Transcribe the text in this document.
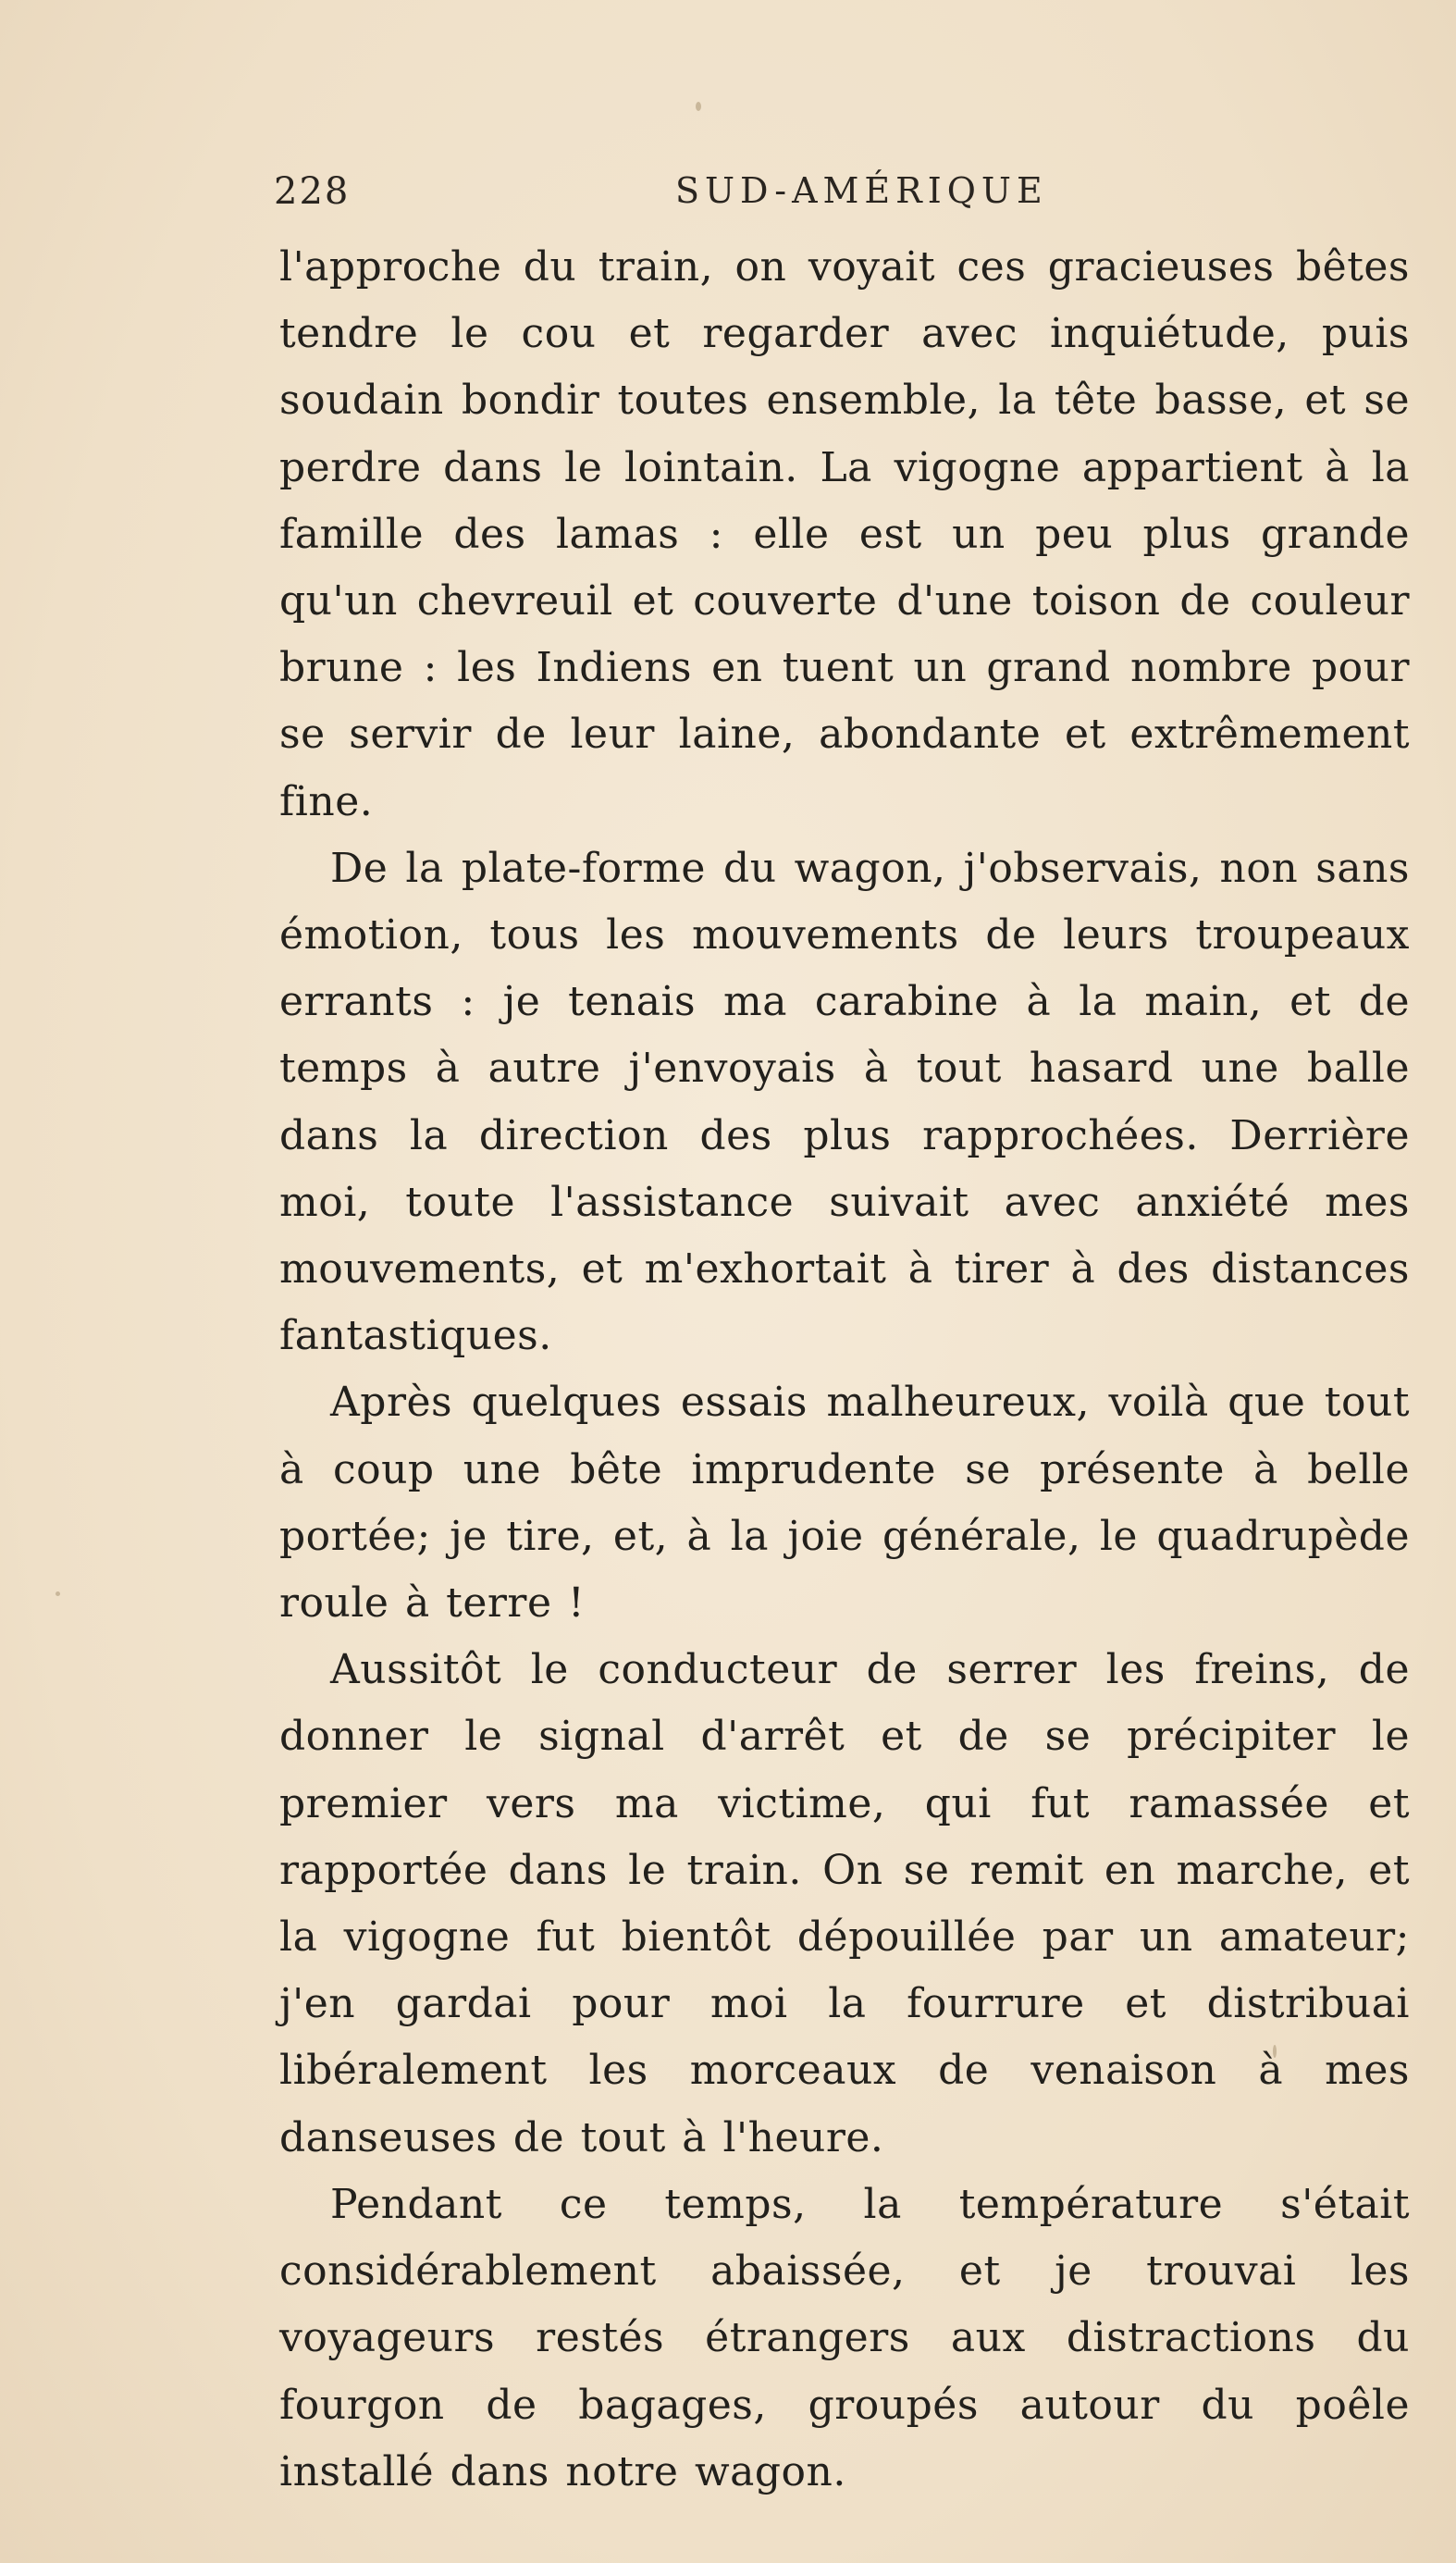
228	SUD-AMÉRIQUE

l'approche du train, on voyait ces gracieuses bêtes tendre le cou et regarder avec inquiétude, puis soudain bondir toutes ensemble, la tête basse, et se perdre dans le lointain. La vigogne appartient à la famille des lamas : elle est un peu plus grande qu'un chevreuil et couverte d'une toison de couleur brune : les Indiens en tuent un grand nombre pour se servir de leur laine, abondante et extrêmement fine.

De la plate-forme du wagon, j'observais, non sans émotion, tous les mouvements de leurs troupeaux errants : je tenais ma carabine à la main, et de temps à autre j'envoyais à tout hasard une balle dans la direction des plus rapprochées. Derrière moi, toute l'assistance suivait avec anxiété mes mouvements, et m'exhortait à tirer à des distances fantastiques.

Après quelques essais malheureux, voilà que tout à coup une bête imprudente se présente à belle portée; je tire, et, à la joie générale, le quadrupède roule à terre !

Aussitôt le conducteur de serrer les freins, de donner le signal d'arrêt et de se précipiter le premier vers ma victime, qui fut ramassée et rapportée dans le train. On se remit en marche, et la vigogne fut bientôt dépouillée par un amateur; j'en gardai pour moi la fourrure et distribuai libéralement les morceaux de venaison à mes danseuses de tout à l'heure.

Pendant ce temps, la température s'était considérablement abaissée, et je trouvai les voyageurs restés étrangers aux distractions du fourgon de bagages, groupés autour du poêle installé dans notre wagon.
